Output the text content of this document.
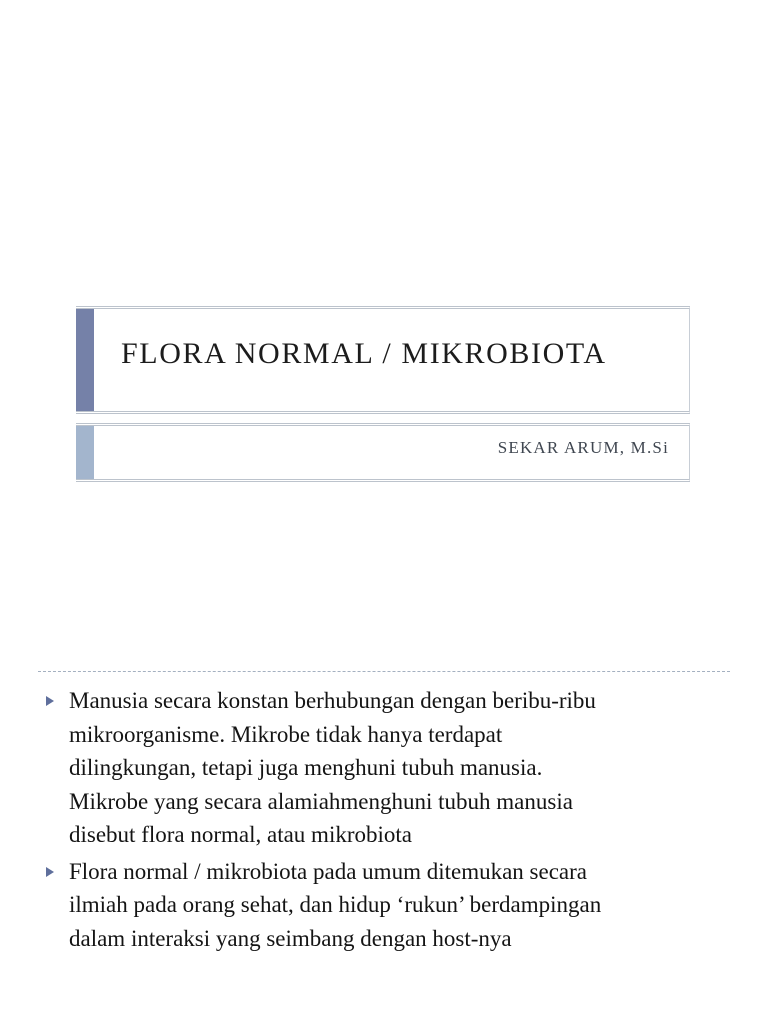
FLORA NORMAL / MIKROBIOTA
SEKAR ARUM, M.Si
Manusia secara konstan berhubungan dengan beribu-ribu
mikroorganisme. Mikrobe tidak hanya terdapat
dilingkungan, tetapi juga menghuni tubuh manusia.
Mikrobe yang secara alamiahmenghuni tubuh manusia
disebut flora normal, atau mikrobiota
Flora normal / mikrobiota pada umum ditemukan secara
ilmiah pada orang sehat, dan hidup ‘rukun’ berdampingan
dalam interaksi yang seimbang dengan host-nya
